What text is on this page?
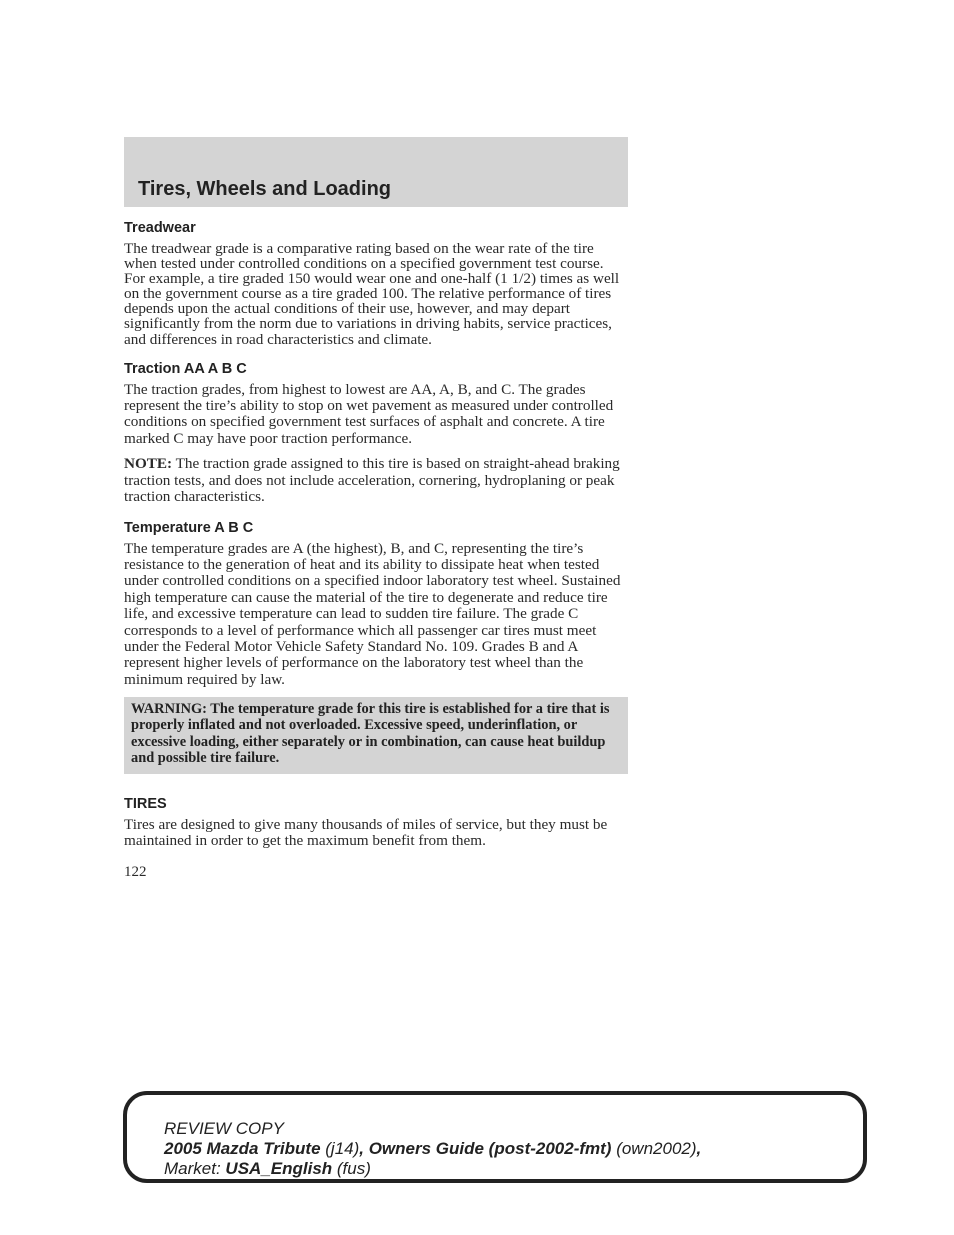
Tires, Wheels and Loading
Treadwear

The treadwear grade is a comparative rating based on the wear rate of the tire when tested under controlled conditions on a specified government test course. For example, a tire graded 150 would wear one and one-half (1 1/2) times as well on the government course as a tire graded 100. The relative performance of tires depends upon the actual conditions of their use, however, and may depart significantly from the norm due to variations in driving habits, service practices, and differences in road characteristics and climate.

Traction AA A B C

The traction grades, from highest to lowest are AA, A, B, and C. The grades represent the tire’s ability to stop on wet pavement as measured under controlled conditions on specified government test surfaces of asphalt and concrete. A tire marked C may have poor traction performance.

NOTE: The traction grade assigned to this tire is based on straight-ahead braking traction tests, and does not include acceleration, cornering, hydroplaning or peak traction characteristics.

Temperature A B C

The temperature grades are A (the highest), B, and C, representing the tire’s resistance to the generation of heat and its ability to dissipate heat when tested under controlled conditions on a specified indoor laboratory test wheel. Sustained high temperature can cause the material of the tire to degenerate and reduce tire life, and excessive temperature can lead to sudden tire failure. The grade C corresponds to a level of performance which all passenger car tires must meet under the Federal Motor Vehicle Safety Standard No. 109. Grades B and A represent higher levels of performance on the laboratory test wheel than the minimum required by law.

WARNING: The temperature grade for this tire is established for a tire that is properly inflated and not overloaded. Excessive speed, underinflation, or excessive loading, either separately or in combination, can cause heat buildup and possible tire failure.
TIRES

Tires are designed to give many thousands of miles of service, but they must be maintained in order to get the maximum benefit from them.

122
REVIEW COPY
2005 Mazda Tribute (j14), Owners Guide (post-2002-fmt) (own2002),
Market: USA_English (fus)
